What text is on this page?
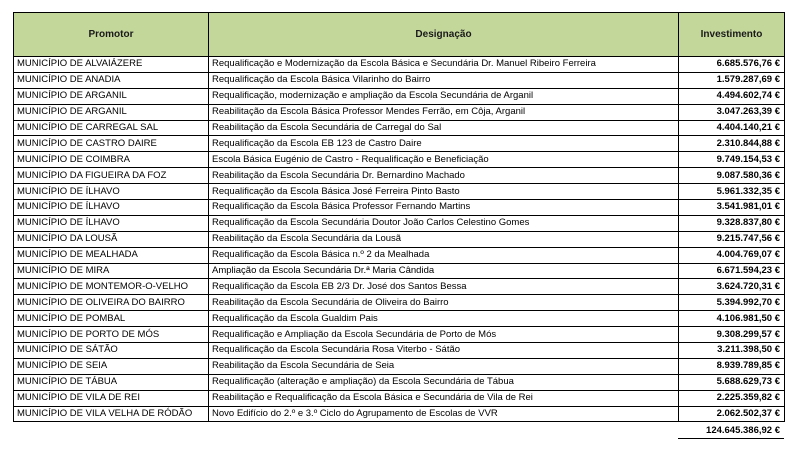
Promotor	Designação	Investimento
MUNICÍPIO DE ALVAIÁZERE	Requalificação e Modernização da Escola Básica e Secundária Dr. Manuel Ribeiro Ferreira	6.685.576,76 €
MUNICÍPIO DE ANADIA	Requalificação da Escola Básica Vilarinho do Bairro	1.579.287,69 €
MUNICÍPIO DE ARGANIL	Requalificação, modernização e ampliação da Escola Secundária de Arganil	4.494.602,74 €
MUNICÍPIO DE ARGANIL	Reabilitação da Escola Básica Professor Mendes Ferrão, em Côja, Arganil	3.047.263,39 €
MUNICÍPIO DE CARREGAL SAL	Reabilitação da Escola Secundária de Carregal do Sal	4.404.140,21 €
MUNICÍPIO DE CASTRO DAIRE	Requalificação da Escola EB 123 de Castro Daire	2.310.844,88 €
MUNICÍPIO DE COIMBRA	Escola Básica Eugénio de Castro - Requalificação e Beneficiação	9.749.154,53 €
MUNICÍPIO DA FIGUEIRA DA FOZ	Reabilitação da Escola Secundária Dr. Bernardino Machado	9.087.580,36 €
MUNICÍPIO DE ÍLHAVO	Requalificação da Escola Básica José Ferreira Pinto Basto	5.961.332,35 €
MUNICÍPIO DE ÍLHAVO	Requalificação da Escola Básica Professor Fernando Martins	3.541.981,01 €
MUNICÍPIO DE ÍLHAVO	Requalificação da Escola Secundária Doutor João Carlos Celestino Gomes	9.328.837,80 €
MUNICÍPIO DA LOUSÃ	Reabilitação da Escola Secundária da Lousã	9.215.747,56 €
MUNICÍPIO DE MEALHADA	Requalificação da Escola Básica n.º 2 da Mealhada	4.004.769,07 €
MUNICÍPIO DE MIRA	Ampliação da Escola Secundária Dr.ª Maria Cândida	6.671.594,23 €
MUNICÍPIO DE MONTEMOR-O-VELHO	Requalificação da Escola EB 2/3 Dr. José dos Santos Bessa	3.624.720,31 €
MUNICÍPIO DE OLIVEIRA DO BAIRRO	Reabilitação da Escola Secundária de Oliveira do Bairro	5.394.992,70 €
MUNICÍPIO DE POMBAL	Requalificação da Escola Gualdim Pais	4.106.981,50 €
MUNICÍPIO DE PORTO DE MÓS	Requalificação e Ampliação da Escola Secundária de Porto de Mós	9.308.299,57 €
MUNICÍPIO DE SÁTÃO	Requalificação da Escola Secundária Rosa Viterbo - Sátão	3.211.398,50 €
MUNICÍPIO DE SEIA	Reabilitação da Escola Secundária de Seia	8.939.789,85 €
MUNICÍPIO DE TÁBUA	Requalificação (alteração e ampliação) da Escola Secundária de Tábua	5.688.629,73 €
MUNICÍPIO DE VILA DE REI	Reabilitação e Requalificação da Escola Básica e Secundária de Vila de Rei	2.225.359,82 €
MUNICÍPIO DE VILA VELHA DE RÓDÃO	Novo Edifício do 2.º e 3.º Ciclo do Agrupamento de Escolas de VVR	2.062.502,37 €
124.645.386,92 €
